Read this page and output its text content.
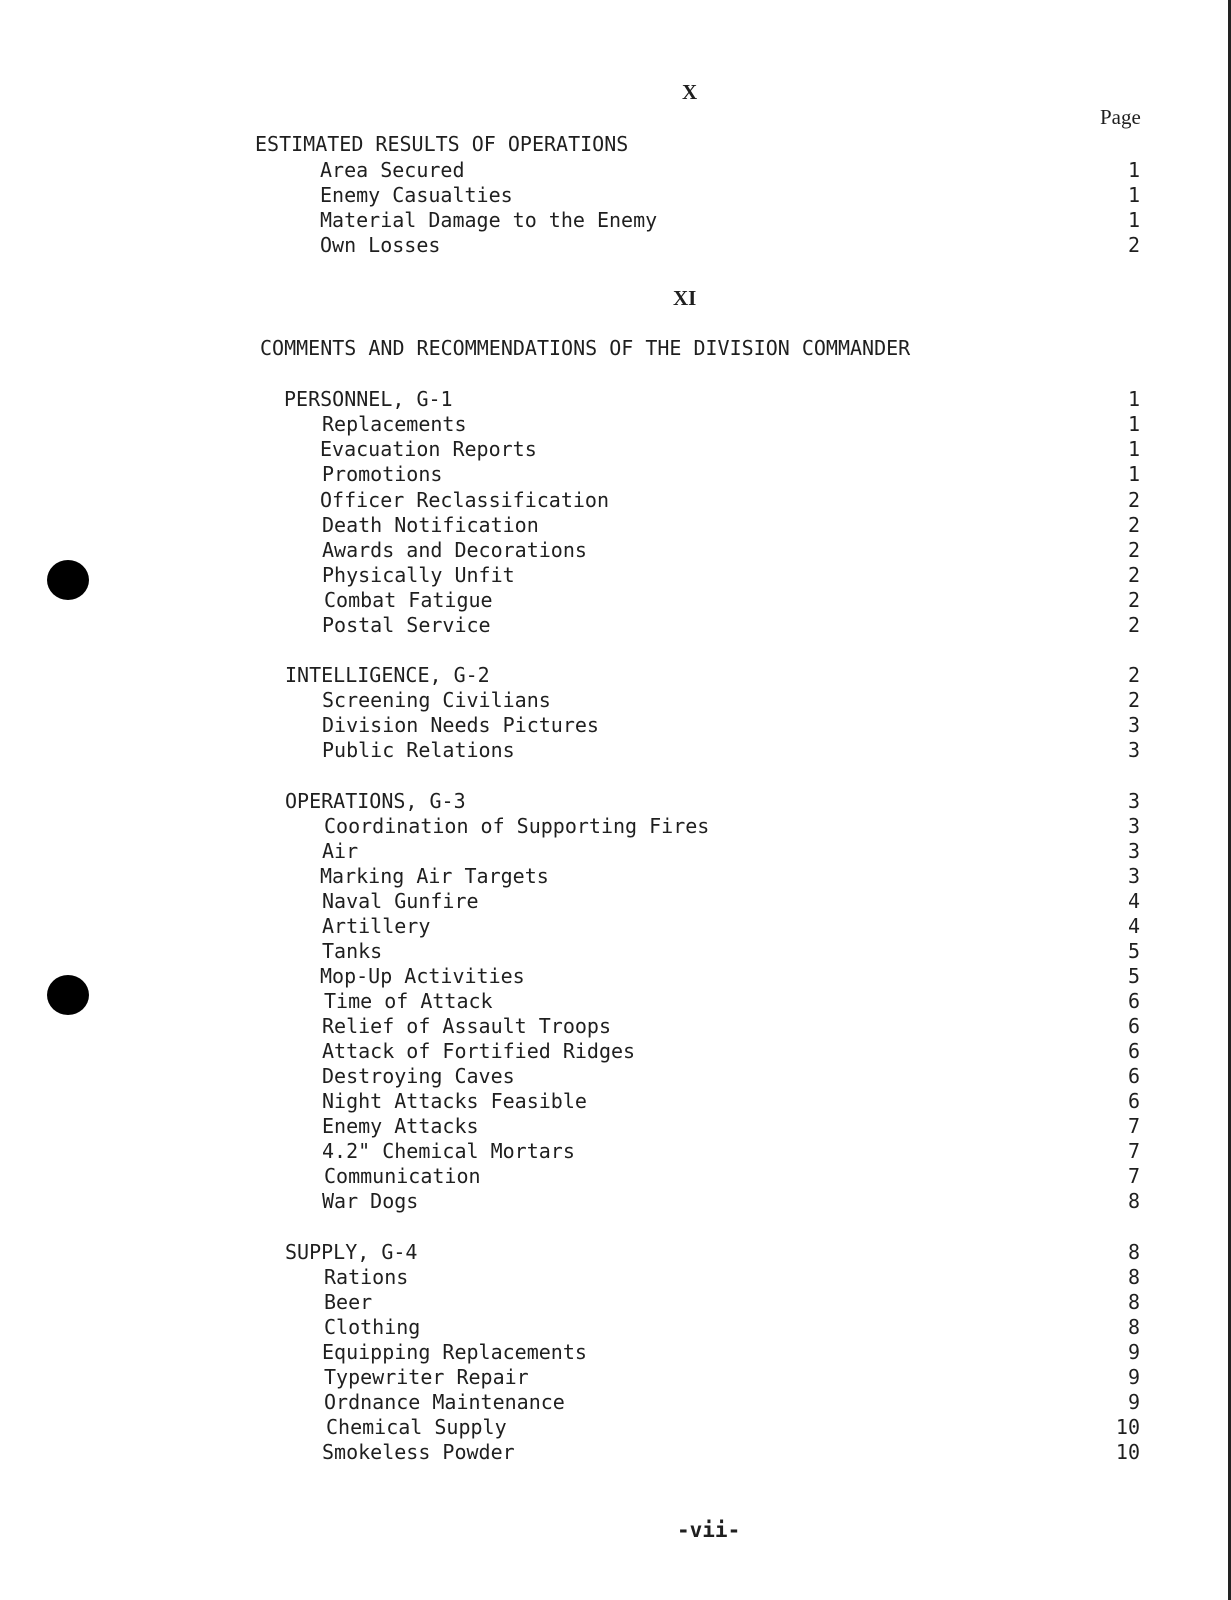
X
Page
ESTIMATED RESULTS OF OPERATIONS
Area Secured	1
Enemy Casualties	1
Material Damage to the Enemy	1
Own Losses	2
XI
COMMENTS AND RECOMMENDATIONS OF THE DIVISION COMMANDER
PERSONNEL, G-1	1
Replacements	1
Evacuation Reports	1
Promotions	1
Officer Reclassification	2
Death Notification	2
Awards and Decorations	2
Physically Unfit	2
Combat Fatigue	2
Postal Service	2
INTELLIGENCE, G-2	2
Screening Civilians	2
Division Needs Pictures	3
Public Relations	3
OPERATIONS, G-3	3
Coordination of Supporting Fires	3
Air	3
Marking Air Targets	3
Naval Gunfire	4
Artillery	4
Tanks	5
Mop-Up Activities	5
Time of Attack	6
Relief of Assault Troops	6
Attack of Fortified Ridges	6
Destroying Caves	6
Night Attacks Feasible	6
Enemy Attacks	7
4.2" Chemical Mortars	7
Communication	7
War Dogs	8
SUPPLY, G-4	8
Rations	8
Beer	8
Clothing	8
Equipping Replacements	9
Typewriter Repair	9
Ordnance Maintenance	9
Chemical Supply	10
Smokeless Powder	10
-vii-
